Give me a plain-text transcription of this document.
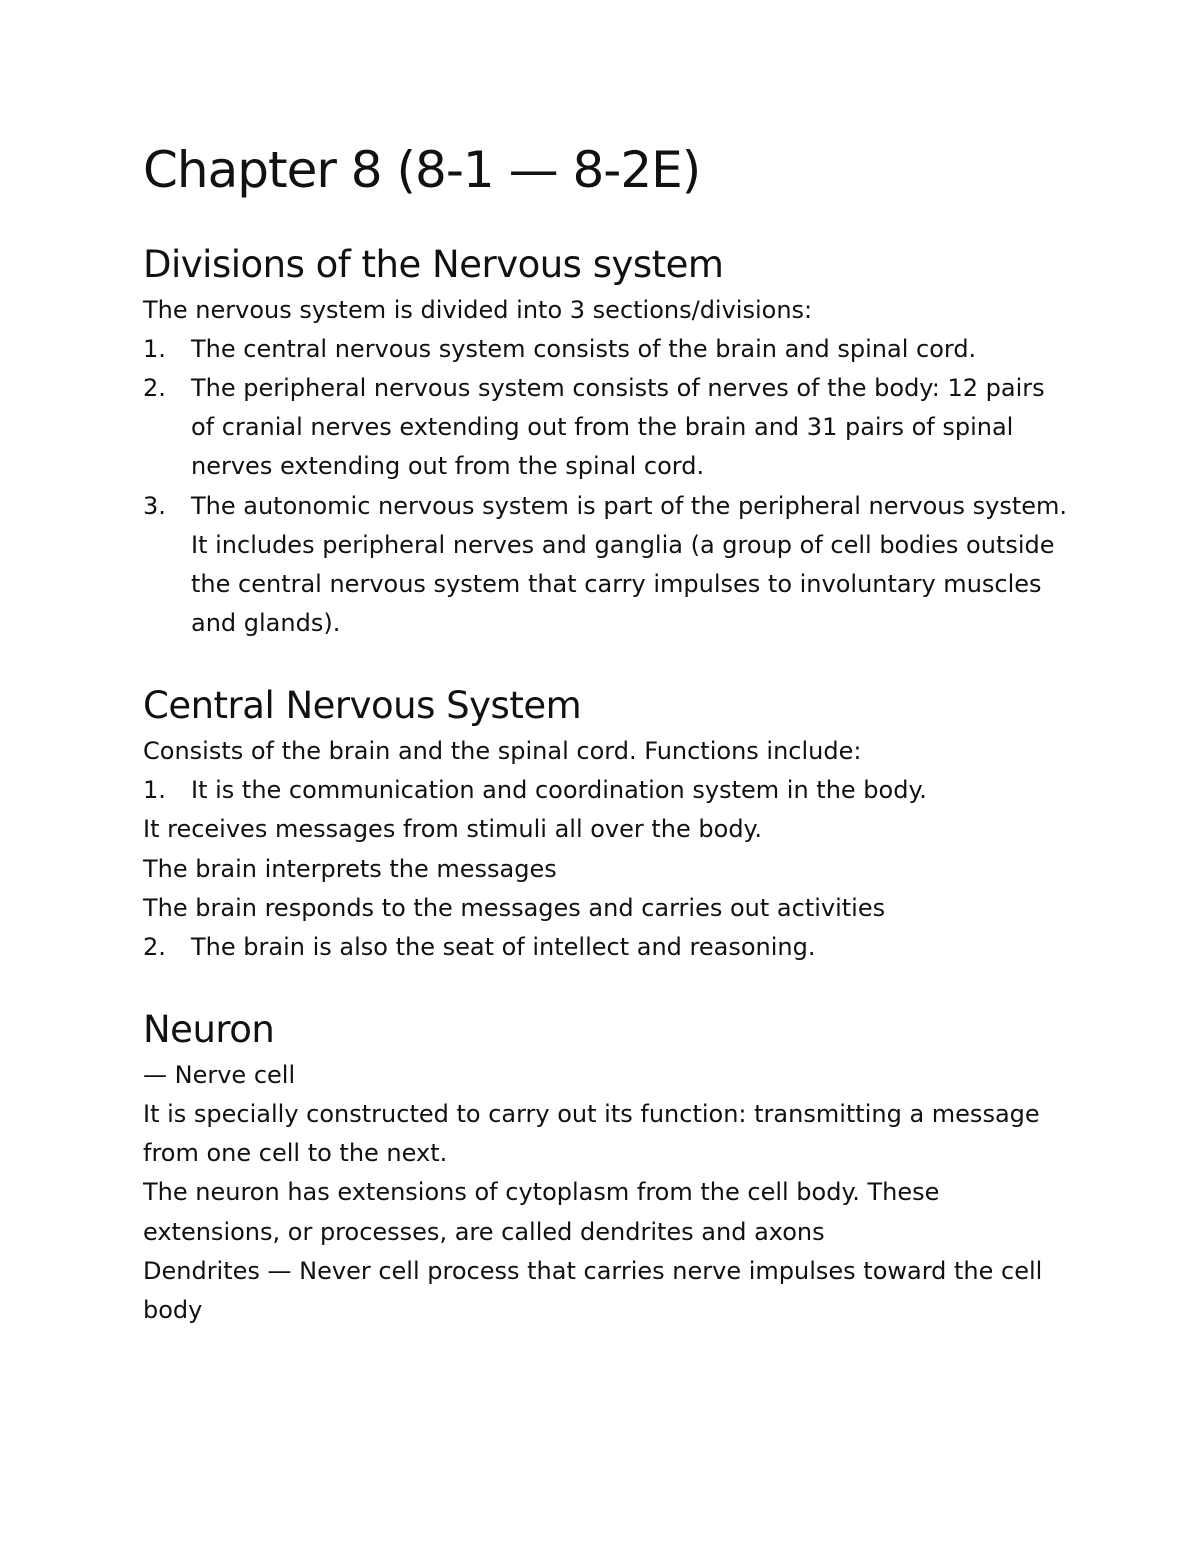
Chapter 8 (8-1 — 8-2E)
Divisions of the Nervous system

The nervous system is divided into 3 sections/divisions:

1. The central nervous system consists of the brain and spinal cord.
2. The peripheral nervous system consists of nerves of the body: 12 pairs of cranial nerves extending out from the brain and 31 pairs of spinal nerves extending out from the spinal cord.
3. The autonomic nervous system is part of the peripheral nervous system. It includes peripheral nerves and ganglia (a group of cell bodies outside the central nervous system that carry impulses to involuntary muscles and glands).
Central Nervous System

Consists of the brain and the spinal cord. Functions include:

1. It is the communication and coordination system in the body.

It receives messages from stimuli all over the body.

The brain interprets the messages

The brain responds to the messages and carries out activities

2. The brain is also the seat of intellect and reasoning.
Neuron

— Nerve cell

It is specially constructed to carry out its function: transmitting a message from one cell to the next.

The neuron has extensions of cytoplasm from the cell body. These extensions, or processes, are called dendrites and axons

Dendrites — Never cell process that carries nerve impulses toward the cell body
